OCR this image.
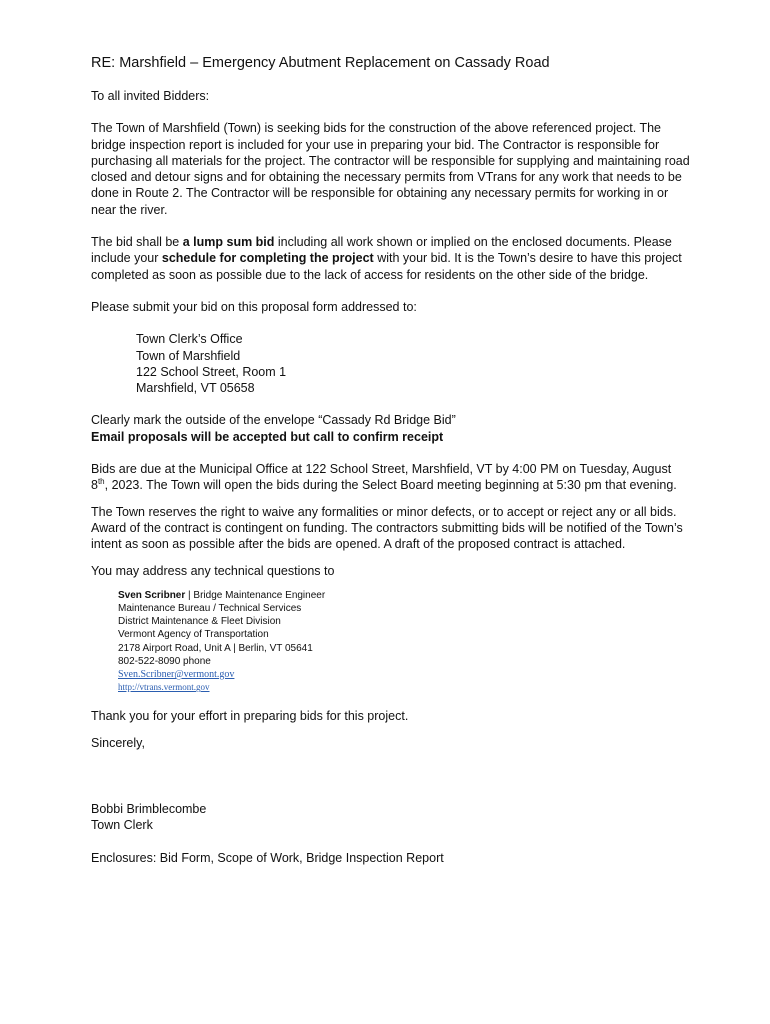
RE: Marshfield – Emergency Abutment Replacement on Cassady Road
To all invited Bidders:
The Town of Marshfield (Town) is seeking bids for the construction of the above referenced project. The bridge inspection report is included for your use in preparing your bid. The Contractor is responsible for purchasing all materials for the project. The contractor will be responsible for supplying and maintaining road closed and detour signs and for obtaining the necessary permits from VTrans for any work that needs to be done in Route 2. The Contractor will be responsible for obtaining any necessary permits for working in or near the river.
The bid shall be a lump sum bid including all work shown or implied on the enclosed documents. Please include your schedule for completing the project with your bid. It is the Town’s desire to have this project completed as soon as possible due to the lack of access for residents on the other side of the bridge.
Please submit your bid on this proposal form addressed to:
Town Clerk’s Office
Town of Marshfield
122 School Street, Room 1
Marshfield, VT 05658
Clearly mark the outside of the envelope “Cassady Rd Bridge Bid”
Email proposals will be accepted but call to confirm receipt
Bids are due at the Municipal Office at 122 School Street, Marshfield, VT by 4:00 PM on Tuesday, August 8th, 2023. The Town will open the bids during the Select Board meeting beginning at 5:30 pm that evening.
The Town reserves the right to waive any formalities or minor defects, or to accept or reject any or all bids. Award of the contract is contingent on funding. The contractors submitting bids will be notified of the Town’s intent as soon as possible after the bids are opened. A draft of the proposed contract is attached.
You may address any technical questions to
Sven Scribner | Bridge Maintenance Engineer
Maintenance Bureau / Technical Services
District Maintenance & Fleet Division
Vermont Agency of Transportation
2178 Airport Road, Unit A | Berlin, VT 05641
802-522-8090 phone
Sven.Scribner@vermont.gov
http://vtrans.vermont.gov
Thank you for your effort in preparing bids for this project.
Sincerely,
Bobbi Brimblecombe
Town Clerk
Enclosures: Bid Form, Scope of Work, Bridge Inspection Report
